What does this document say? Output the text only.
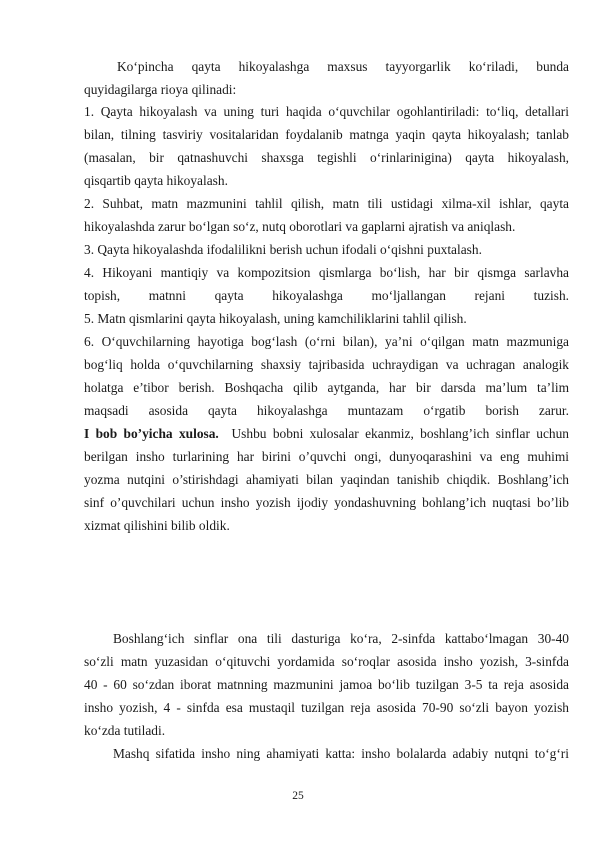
Ko‘pincha qayta hikoyalashga maxsus tayyorgarlik ko‘riladi, bunda
quyidagilarga rioya qilinadi:
1. Qayta hikoyalash va uning turi haqida o‘quvchilar ogohlantiriladi: to‘liq, detallari
bilan, tilning tasviriy vositalaridan foydalanib matnga yaqin qayta hikoyalash; tanlab
(masalan, bir qatnashuvchi shaxsga tegishli o‘rinlarinigina) qayta hikoyalash,
qisqartib qayta hikoyalash.
2. Suhbat, matn mazmunini tahlil qilish, matn tili ustidagi xilma-xil ishlar, qayta
hikoyalashda zarur bo‘lgan so‘z, nutq oborotlari va gaplarni ajratish va aniqlash.
3. Qayta hikoyalashda ifodalilikni berish uchun ifodali o‘qishni puxtalash.
4. Hikoyani mantiqiy va kompozitsion qismlarga bo‘lish, har bir qismga sarlavha
topish, matnni qayta hikoyalashga mo‘ljallangan rejani tuzish.
5. Matn qismlarini qayta hikoyalash, uning kamchiliklarini tahlil qilish.
6. O‘quvchilarning hayotiga bog‘lash (o‘rni bilan), ya’ni o‘qilgan matn mazmuniga
bog‘liq holda o‘quvchilarning shaxsiy tajribasida uchraydigan va uchragan analogik
holatga e’tibor berish. Boshqacha qilib aytganda, har bir darsda ma’lum ta’lim
maqsadi asosida qayta hikoyalashga muntazam o‘rgatib borish zarur.
I bob bo’yicha xulosa. Ushbu bobni xulosalar ekanmiz, boshlang’ich sinflar uchun
berilgan insho turlarining har birini o’quvchi ongi, dunyoqarashini va eng muhimi
yozma nutqini o’stirishdagi ahamiyati bilan yaqindan tanishib chiqdik. Boshlang’ich
sinf o’quvchilari uchun insho yozish ijodiy yondashuvning bohlang’ich nuqtasi bo’lib
xizmat qilishini bilib oldik.
Boshlang‘ich sinflar ona tili dasturiga ko‘ra, 2-sinfda kattabo‘lmagan 30-40
so‘zli matn yuzasidan o‘qituvchi yordamida so‘roqlar asosida insho yozish, 3-sinfda
40 - 60 so‘zdan iborat matnning mazmunini jamoa bo‘lib tuzilgan 3-5 ta reja asosida
insho yozish, 4 - sinfda esa mustaqil tuzilgan reja asosida 70-90 so‘zli bayon yozish
ko‘zda tutiladi.
Mashq sifatida insho ning ahamiyati katta: insho bolalarda adabiy nutqni to‘g‘ri
25
